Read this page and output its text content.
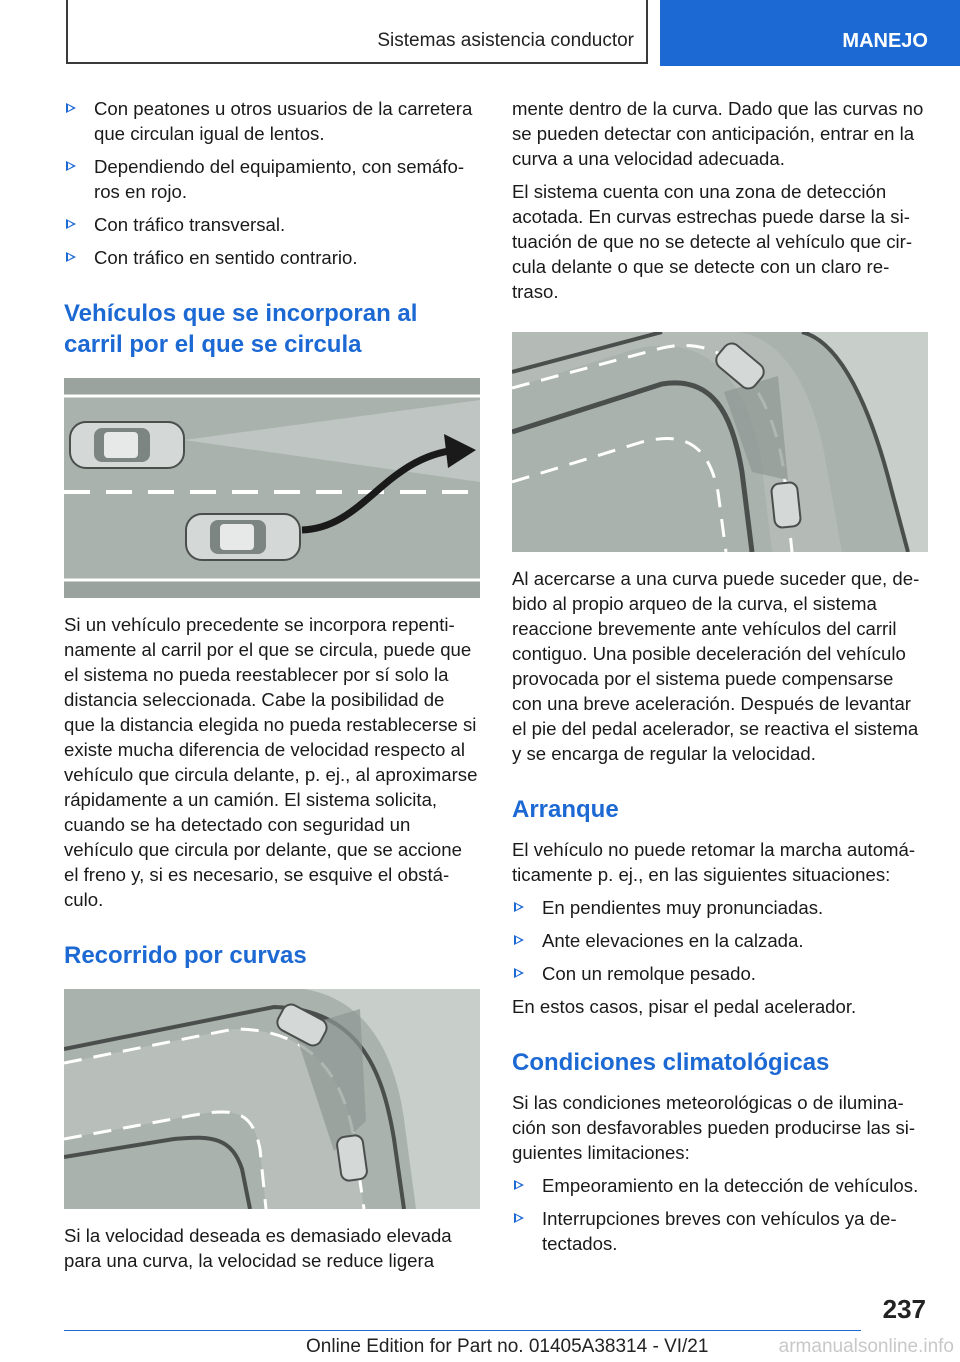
Sistemas asistencia conductor	MANEJO
Con peatones u otros usuarios de la carretera que circulan igual de lentos.
Dependiendo del equipamiento, con semáforos en rojo.
Con tráfico transversal.
Con tráfico en sentido contrario.
Vehículos que se incorporan al carril por el que se circula

Si un vehículo precedente se incorpora repentinamente al carril por el que se circula, puede que el sistema no pueda reestablecer por sí solo la distancia seleccionada. Cabe la posibilidad de que la distancia elegida no pueda restablecerse si existe mucha diferencia de velocidad respecto al vehículo que circula delante, p. ej., al aproximarse rápidamente a un camión. El sistema solicita, cuando se ha detectado con seguridad un vehículo que circula por delante, que se accione el freno y, si es necesario, se esquive el obstáculo.

Recorrido por curvas

Si la velocidad deseada es demasiado elevada para una curva, la velocidad se reduce ligera

mente dentro de la curva. Dado que las curvas no se pueden detectar con anticipación, entrar en la curva a una velocidad adecuada.

El sistema cuenta con una zona de detección acotada. En curvas estrechas puede darse la situación de que no se detecte al vehículo que circula delante o que se detecte con un claro retraso.

Al acercarse a una curva puede suceder que, debido al propio arqueo de la curva, el sistema reaccione brevemente ante vehículos del carril contiguo. Una posible deceleración del vehículo provocada por el sistema puede compensarse con una breve aceleración. Después de levantar el pie del pedal acelerador, se reactiva el sistema y se encarga de regular la velocidad.

Arranque

El vehículo no puede retomar la marcha automáticamente p. ej., en las siguientes situaciones:

En pendientes muy pronunciadas.
Ante elevaciones en la calzada.
Con un remolque pesado.

En estos casos, pisar el pedal acelerador.

Condiciones climatológicas

Si las condiciones meteorológicas o de iluminación son desfavorables pueden producirse las siguientes limitaciones:

Empeoramiento en la detección de vehículos.
Interrupciones breves con vehículos ya detectados.
237
Online Edition for Part no. 01405A38314 - VI/21	armanualsonline.info
